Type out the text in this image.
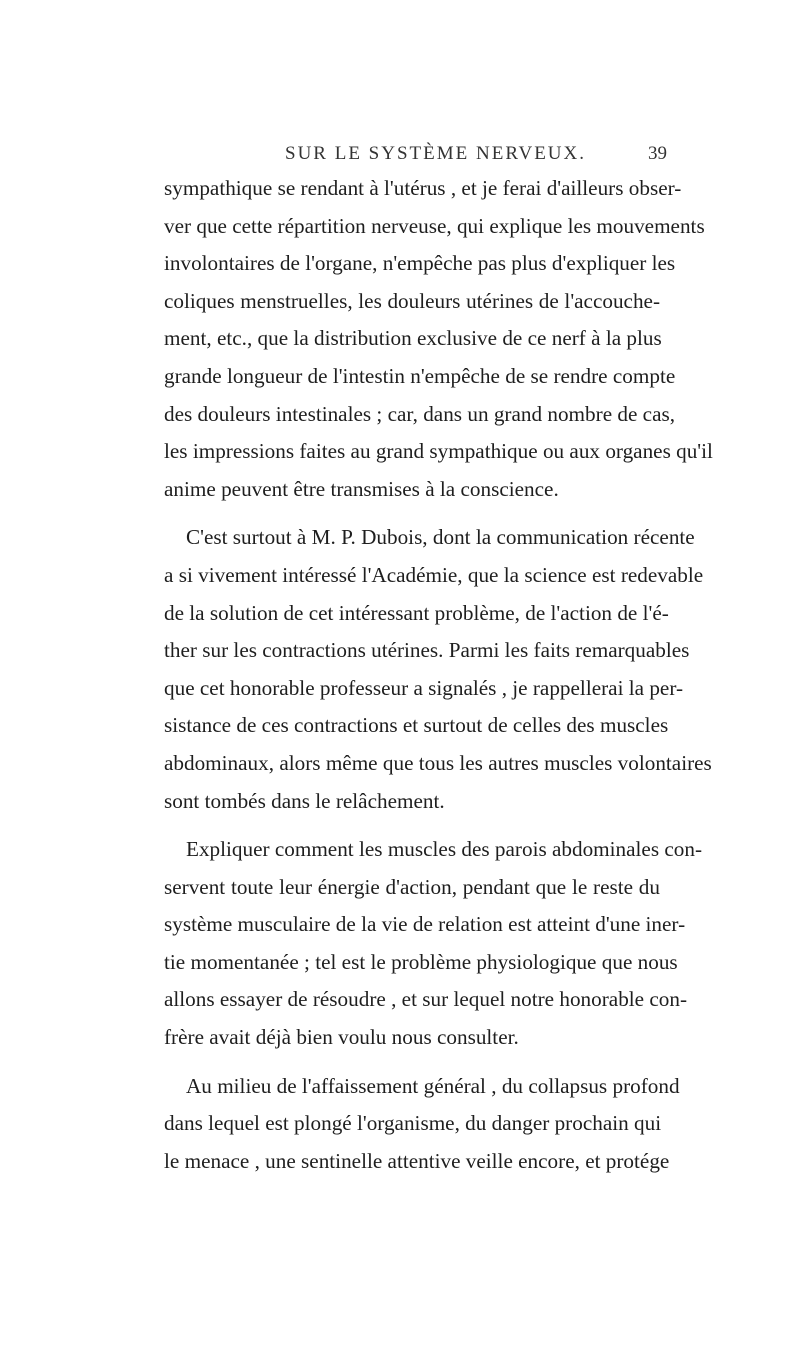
SUR LE SYSTÈME NERVEUX.	39
sympathique se rendant à l'utérus , et je ferai d'ailleurs obser-
ver que cette répartition nerveuse, qui explique les mouvements
involontaires de l'organe, n'empêche pas plus d'expliquer les
coliques menstruelles, les douleurs utérines de l'accouche-
ment, etc., que la distribution exclusive de ce nerf à la plus
grande longueur de l'intestin n'empêche de se rendre compte
des douleurs intestinales ; car, dans un grand nombre de cas,
les impressions faites au grand sympathique ou aux organes qu'il
anime peuvent être transmises à la conscience.
C'est surtout à M. P. Dubois, dont la communication récente
a si vivement intéressé l'Académie, que la science est redevable
de la solution de cet intéressant problème, de l'action de l'é-
ther sur les contractions utérines. Parmi les faits remarquables
que cet honorable professeur a signalés , je rappellerai la per-
sistance de ces contractions et surtout de celles des muscles
abdominaux, alors même que tous les autres muscles volontaires
sont tombés dans le relâchement.
Expliquer comment les muscles des parois abdominales con-
servent toute leur énergie d'action, pendant que le reste du
système musculaire de la vie de relation est atteint d'une iner-
tie momentanée ; tel est le problème physiologique que nous
allons essayer de résoudre , et sur lequel notre honorable con-
frère avait déjà bien voulu nous consulter.
Au milieu de l'affaissement général , du collapsus profond
dans lequel est plongé l'organisme, du danger prochain qui
le menace , une sentinelle attentive veille encore, et protége
